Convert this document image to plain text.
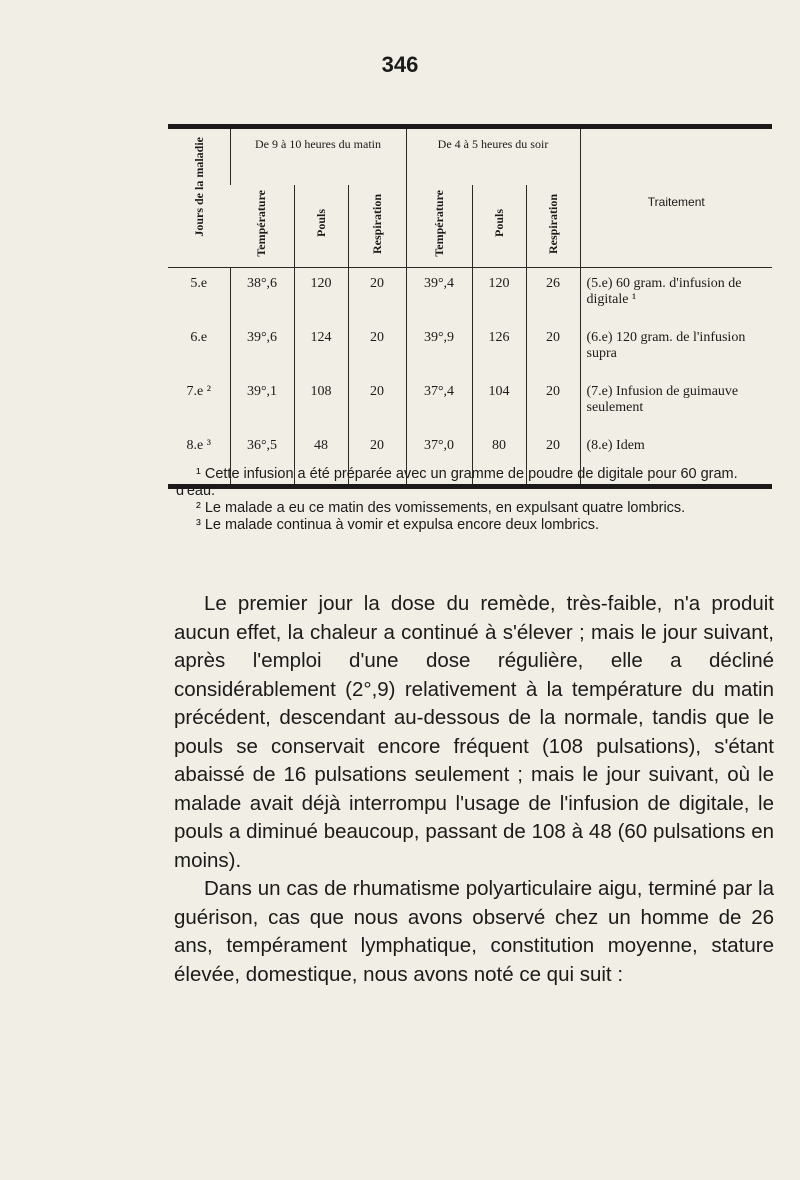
346
Jours de la maladie	De 9 à 10 heures du matin			De 4 à 5 heures du soir			Traitement
	Température	Pouls	Respiration	Température	Pouls	Respiration	
5.e	38°,6	120	20	39°,4	120	26	(5.e) 60 gram. d'infusion de digitale ¹
6.e	39°,6	124	20	39°,9	126	20	(6.e) 120 gram. de l'infusion supra
7.e ²	39°,1	108	20	37°,4	104	20	(7.e) Infusion de guimauve seulement
8.e ³	36°,5	48	20	37°,0	80	20	(8.e) Idem

¹ Cette infusion a été préparée avec un gramme de poudre de digitale pour 60 gram. d'eau.

² Le malade a eu ce matin des vomissements, en expulsant quatre lombrics.

³ Le malade continua à vomir et expulsa encore deux lombrics.

Le premier jour la dose du remède, très-faible, n'a produit aucun effet, la chaleur a continué à s'élever ; mais le jour suivant, après l'emploi d'une dose régulière, elle a décliné considérablement (2°,9) relativement à la température du matin précédent, descendant au-dessous de la normale, tandis que le pouls se conservait encore fréquent (108 pulsations), s'étant abaissé de 16 pulsations seulement ; mais le jour suivant, où le malade avait déjà interrompu l'usage de l'infusion de digitale, le pouls a diminué beaucoup, passant de 108 à 48 (60 pulsations en moins).

Dans un cas de rhumatisme polyarticulaire aigu, terminé par la guérison, cas que nous avons observé chez un homme de 26 ans, tempérament lymphatique, constitution moyenne, stature élevée, domestique, nous avons noté ce qui suit :
